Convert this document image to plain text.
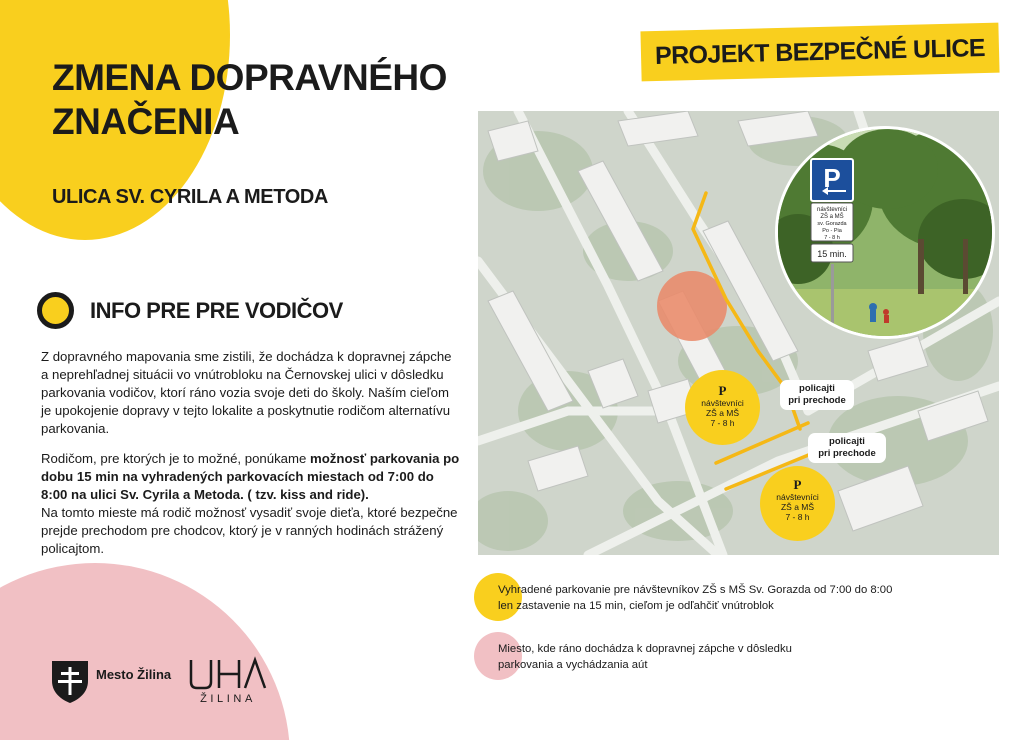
ZMENA DOPRAVNÉHO
ZNAČENIA
ULICA SV. CYRILA A METODA
PROJEKT BEZPEČNÉ ULICE
INFO PRE PRE VODIČOV

Z dopravného mapovania sme zistili, že dochádza k dopravnej zápche a neprehľadnej situácii vo vnútrobloku na Černovskej ulici v dôsledku parkovania vodičov, ktorí ráno vozia svoje deti do školy. Naším cieľom je upokojenie dopravy v tejto lokalite a poskytnutie rodičom alternatívu parkovania.

Rodičom, pre ktorých je to možné, ponúkame možnosť parkovania po dobu 15 min na vyhradených parkovacích miestach od 7:00 do 8:00 na ulici Sv. Cyrila a Metoda. ( tzv. kiss and ride).
Na tomto mieste má rodič možnosť vysadiť svoje dieťa, ktoré bezpečne prejde prechodom pre chodcov, ktorý je v ranných hodinách strážený policajtom.

P
návštevníci
ZŠ a MŠ
7 - 8 h
P
návštevníci
ZŠ a MŠ
7 - 8 h
policajti
pri prechode
policajti
pri prechode
P
návštevníci
ZŠ a MŠ
sv. Gorazda
Po - Pia
7 - 8 h
15 min.
Vyhradené parkovanie pre návštevníkov ZŠ s MŠ Sv. Gorazda od 7:00 do 8:00
len zastavenie na 15 min, cieľom je odľahčiť vnútroblok
Miesto, kde ráno dochádza k dopravnej zápche v dôsledku
parkovania a vychádzania aút
Mesto Žilina
ŽILINA
